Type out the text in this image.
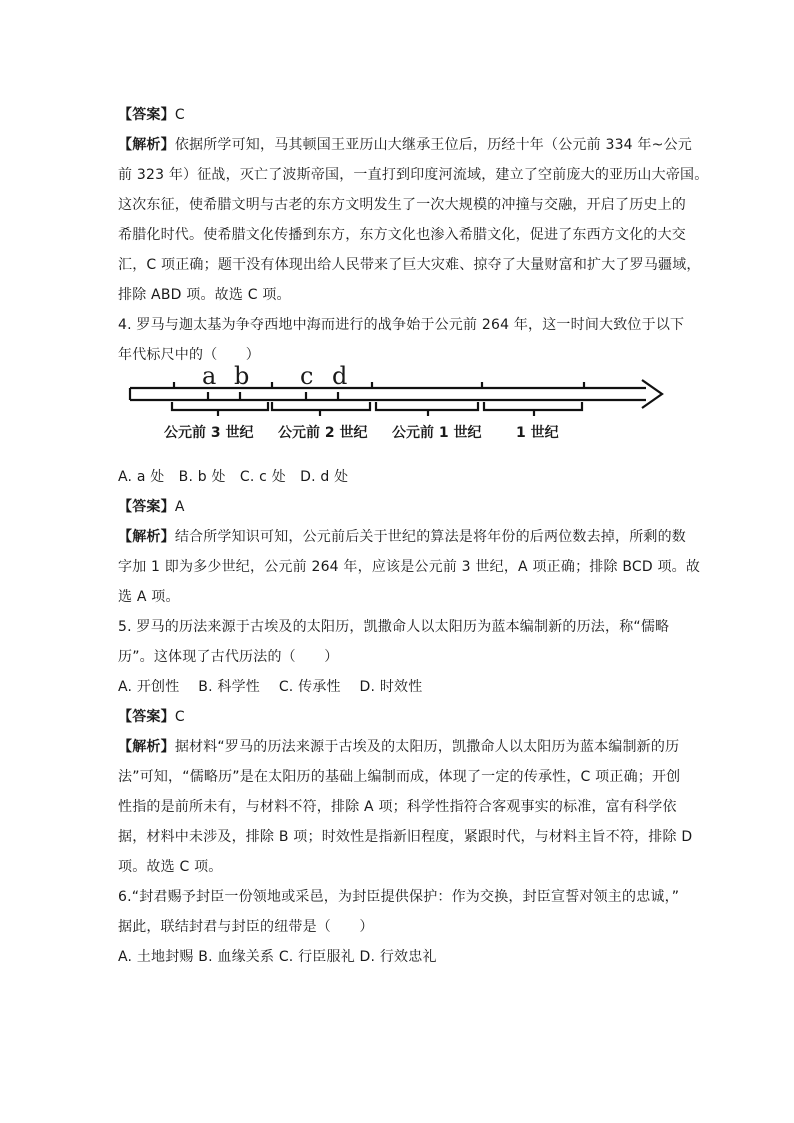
【答案】C
【解析】依据所学可知，马其顿国王亚历山大继承王位后，历经十年（公元前 334 年~公元
前 323 年）征战，灭亡了波斯帝国，一直打到印度河流域，建立了空前庞大的亚历山大帝国。
这次东征，使希腊文明与古老的东方文明发生了一次大规模的冲撞与交融，开启了历史上的
希腊化时代。使希腊文化传播到东方，东方文化也渗入希腊文化，促进了东西方文化的大交
汇，C 项正确；题干没有体现出给人民带来了巨大灾难、掠夺了大量财富和扩大了罗马疆域，
排除 ABD 项。故选 C 项。
4. 罗马与迦太基为争夺西地中海而进行的战争始于公元前 264 年，这一时间大致位于以下
年代标尺中的（　　）
a b c d
公元前 3 世纪 公元前 2 世纪 公元前 1 世纪 1 世纪
A. a 处　B. b 处　C. c 处　D. d 处
【答案】A
【解析】结合所学知识可知，公元前后关于世纪的算法是将年份的后两位数去掉，所剩的数
字加 1 即为多少世纪，公元前 264 年，应该是公元前 3 世纪，A 项正确；排除 BCD 项。故
选 A 项。
5. 罗马的历法来源于古埃及的太阳历，凯撒命人以太阳历为蓝本编制新的历法，称“儒略
历”。这体现了古代历法的（　　）
A. 开创性　 B. 科学性　 C. 传承性　 D. 时效性
【答案】C
【解析】据材料“罗马的历法来源于古埃及的太阳历，凯撒命人以太阳历为蓝本编制新的历
法”可知，“儒略历”是在太阳历的基础上编制而成，体现了一定的传承性，C 项正确；开创
性指的是前所未有，与材料不符，排除 A 项；科学性指符合客观事实的标准，富有科学依
据，材料中未涉及，排除 B 项；时效性是指新旧程度，紧跟时代，与材料主旨不符，排除 D
项。故选 C 项。
6.“封君赐予封臣一份领地或采邑，为封臣提供保护：作为交换，封臣宣誓对领主的忠诚，”
据此，联结封君与封臣的纽带是（　　）
A. 土地封赐 B. 血缘关系 C. 行臣服礼 D. 行效忠礼
